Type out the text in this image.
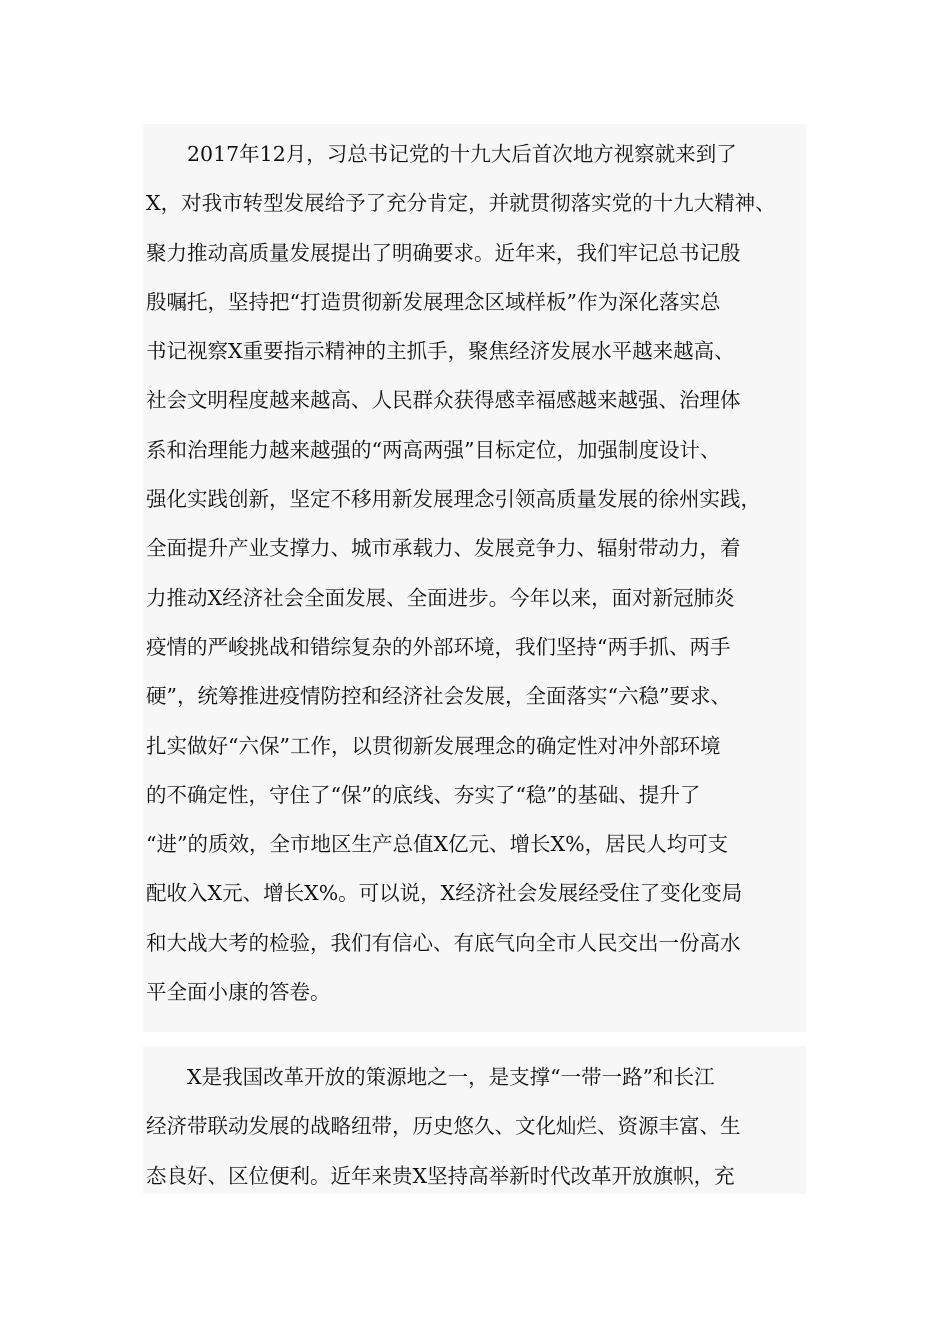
2017年12月，习总书记党的十九大后首次地方视察就来到了
X，对我市转型发展给予了充分肯定，并就贯彻落实党的十九大精神、
聚力推动高质量发展提出了明确要求。近年来，我们牢记总书记殷
殷嘱托，坚持把“打造贯彻新发展理念区域样板”作为深化落实总
书记视察X重要指示精神的主抓手，聚焦经济发展水平越来越高、
社会文明程度越来越高、人民群众获得感幸福感越来越强、治理体
系和治理能力越来越强的“两高两强”目标定位，加强制度设计、
强化实践创新，坚定不移用新发展理念引领高质量发展的徐州实践，
全面提升产业支撑力、城市承载力、发展竞争力、辐射带动力，着
力推动X经济社会全面发展、全面进步。今年以来，面对新冠肺炎
疫情的严峻挑战和错综复杂的外部环境，我们坚持“两手抓、两手
硬”，统筹推进疫情防控和经济社会发展，全面落实“六稳”要求、
扎实做好“六保”工作，以贯彻新发展理念的确定性对冲外部环境
的不确定性，守住了“保”的底线、夯实了“稳”的基础、提升了
“进”的质效，全市地区生产总值X亿元、增长X%，居民人均可支
配收入X元、增长X%。可以说，X经济社会发展经受住了变化变局
和大战大考的检验，我们有信心、有底气向全市人民交出一份高水
平全面小康的答卷。
X是我国改革开放的策源地之一，是支撑“一带一路”和长江
经济带联动发展的战略纽带，历史悠久、文化灿烂、资源丰富、生
态良好、区位便利。近年来贵X坚持高举新时代改革开放旗帜，充
